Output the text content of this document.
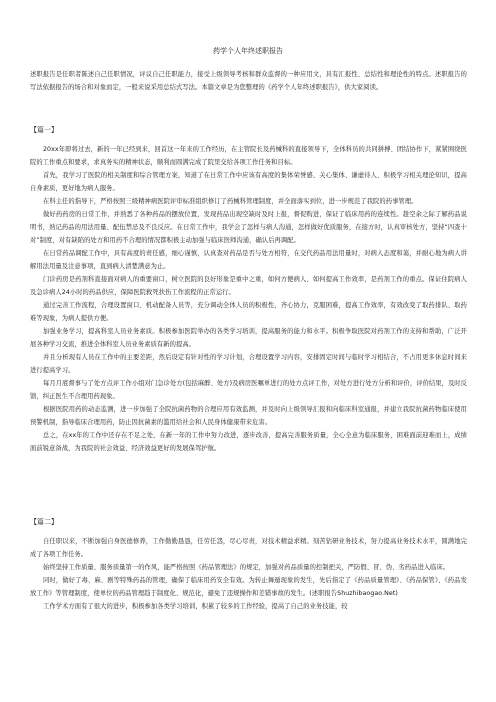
药学个人年终述职报告

述职报告是任职者陈述自己任职情况，评议自己任职能力，接受上级领导考核和群众监督的一种应用文，具有汇报性、总结性和理论性的特点。述职报告的写法依据报告的场合和对象而定，一般来说采用总结式写法。本篇文章是为您整理的《药学个人年终述职报告》，供大家阅读。

【篇一】

20xx年即将过去，新的一年已经到来，回首这一年来的工作经历，在主管院长及药械科的直接领导下，全体科员的共同拼搏、团结协作下，紧紧围绕医院的工作重点和要求，求真务实的精神状态，顺利而圆满完成了院里交给各项工作任务和目标。

首先，我学习了医院的相关制度和综合管理方案，知道了在日常工作中应该有高度的集体荣誉感、关心集体、谦虚待人、积极学习相关理论知识，提高自身素质，更好地为病人服务。

在科主任的指导下，严格按照三级精神病医院评审标准组织修订了药械科管理制度，并全面落实到位，进一步规范了我院的药事管理。

做好药药房的日常工作，并熟悉了各种药品的摆放位置，发现药品出现空缺时及时上报，督促购进，保证了临床用药的连续性。趁空余之际了解药品说明书，熟记药品的用法用量、配伍禁忌及不良反应。在日常工作中，我学会了怎样与病人沟通，怎样做好优质服务，在接方时，认真审核处方，坚持“四查十对”制度，对有缺陷的处方和用药不合理的情况都积极主动加强与临床医师沟通，确认后再调配。

在日常药品调配工作中，具有高度的责任感，细心谨慎，认真查对药品是否与处方相符，在交代药品用法用量时，对病人态度和蔼，并耐心地为病人讲解用法用量及注意事项，直到病人清楚满意为止。

门诊药房是药剂科直接面对病人的重要窗口，树立医院的良好形象是重中之重，如何方便病人、如何提高工作效率，是药剂工作的重点。保证住院病人及急诊病人24小时的药品供应，保障医院救死扶伤工作流程的正常运行。

通过完善工作流程，合理设置窗口、机动配备人员等，充分调动全体人员的积极性，齐心协力，克服困难，提高工作效率，有效改变了取药排队、取药难等现象，为病人提供方便。

加强业务学习，提高科室人员业务素质。积极参加医院举办的各类学习培训，提高服务的能力和水平。积极争取医院对药剂工作的支持和帮助，广泛开展各种学习交流，推进全体科室人员业务素质有新的提高。

并且分析现有人员在工作中的主要差距，然后设定有针对性的学习计划，合理设置学习内容，安排固定时间与临时学习相结合，不占用更多休息时间来进行提高学习。

每月月底督事与了处方点评工作小组对门急诊处方(包括麻醉、处方)及病房医嘱单进行的处方点评工作，对处方进行处方分析和评价，评价结果，及时反馈，纠正医生不合理用药现象。

根据医院用药的动态监测，进一步加强了全院抗菌药物的合理应用有效监测，并及时向上级领导汇报和向临床科室通报，并建立我院抗菌药物临床使用预警机制，指导临床合理用药，防止因抗菌素的滥用给社会和人民身体健康带来危害。

总之，在xx年的工作中还存在不足之处，在新一年的工作中努力改进，逐步改善，提高完善服务质量，全心全意为临床服务，困难面前迎难而上，成绩面前锐意备战，为我院的社会效益、经济效益更好的发展保驾护航。

【篇二】

自任职以来，不断加强自身医德修养，工作勤勤恳恳，任劳任怨，尽心尽责，对技术精益求精。刻苦钻研业务技术，努力提高业务技术水平，圆满地完成了各项工作任务。

始终坚持工作质量、服务质量第一的作风，能严格按照《药品管理法》的规定，加强对药品质量的控制把关，严防假、冒、伪、劣药品进入临床。

同时，做好了毒、麻、剧等特殊药品的管理，确保了临床用药安全有效。为转止舞遁现象的发生，先后指定了《药品质量管理》、《药品保管》、《药品发放工作》等管理制度，使单位的药品管理趋于制度化、规范化，避免了违规操作和差错事故的发生。(述职报告Shuzhibaogao.Net)

工作学术方面有了很大的进步，积极参加各类学习培训，积累了较多的工作经验，提高了自己的业务技能，较
